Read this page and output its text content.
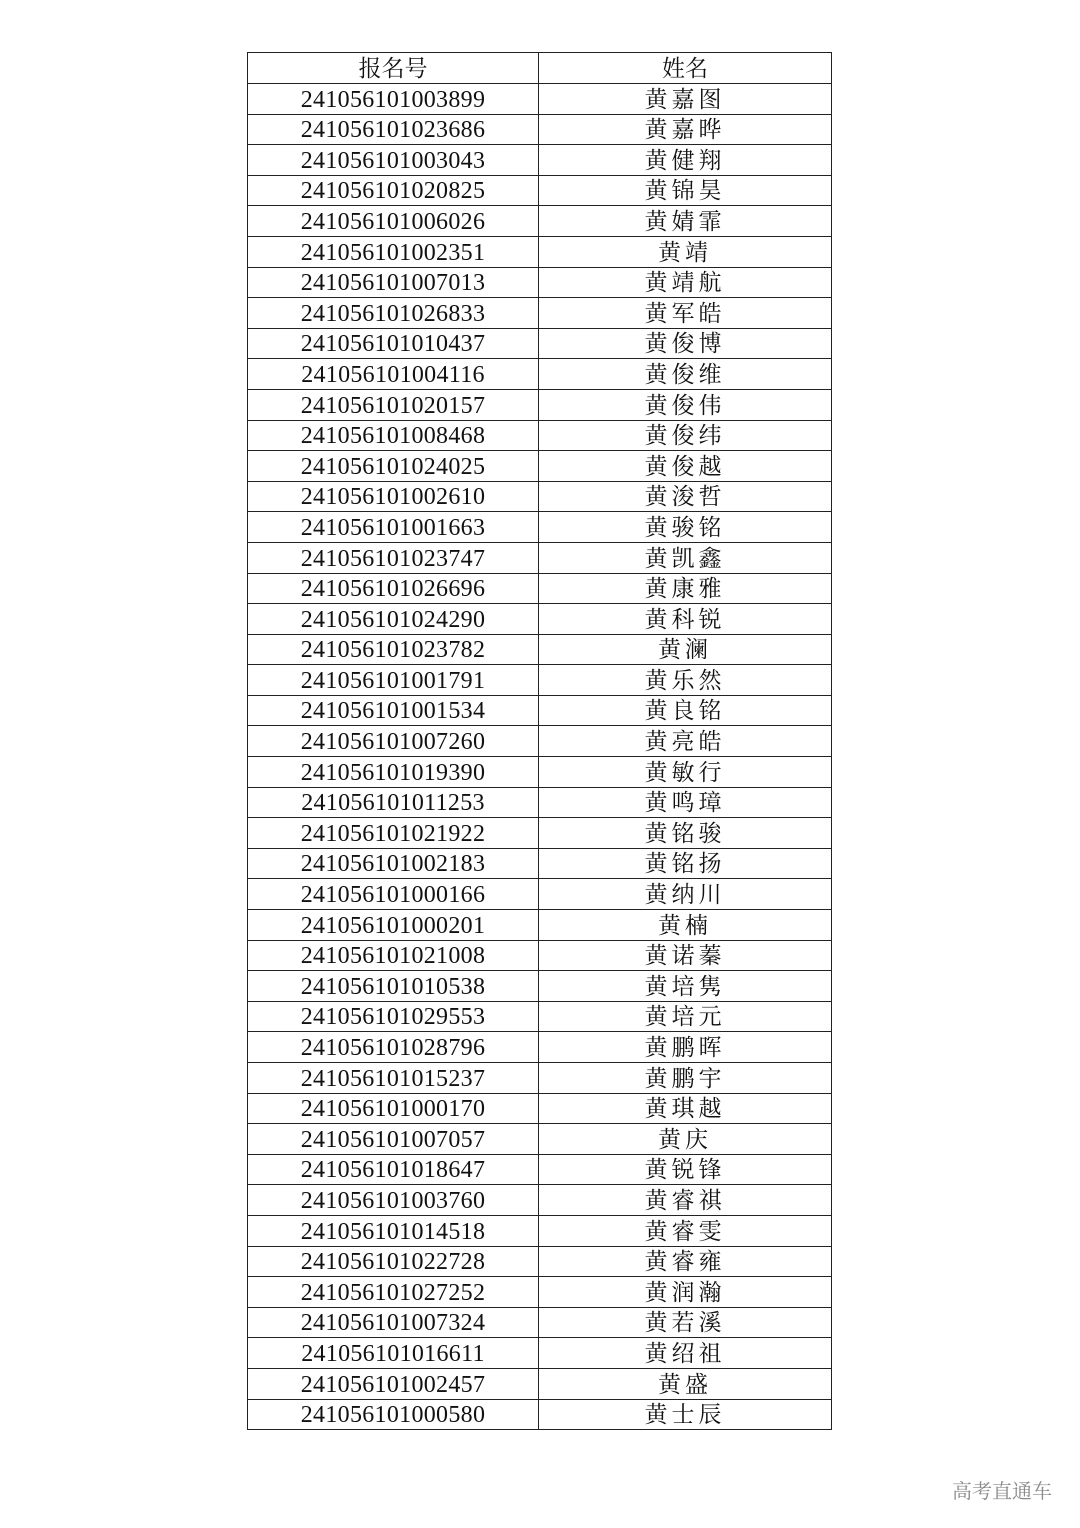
报名号	姓名
241056101003899	黄嘉图
241056101023686	黄嘉晔
241056101003043	黄健翔
241056101020825	黄锦昊
241056101006026	黄婧霏
241056101002351	黄靖
241056101007013	黄靖航
241056101026833	黄军皓
241056101010437	黄俊博
241056101004116	黄俊维
241056101020157	黄俊伟
241056101008468	黄俊纬
241056101024025	黄俊越
241056101002610	黄浚哲
241056101001663	黄骏铭
241056101023747	黄凯鑫
241056101026696	黄康雅
241056101024290	黄科锐
241056101023782	黄澜
241056101001791	黄乐然
241056101001534	黄良铭
241056101007260	黄亮皓
241056101019390	黄敏行
241056101011253	黄鸣璋
241056101021922	黄铭骏
241056101002183	黄铭扬
241056101000166	黄纳川
241056101000201	黄楠
241056101021008	黄诺蓁
241056101010538	黄培隽
241056101029553	黄培元
241056101028796	黄鹏晖
241056101015237	黄鹏宇
241056101000170	黄琪越
241056101007057	黄庆
241056101018647	黄锐锋
241056101003760	黄睿祺
241056101014518	黄睿雯
241056101022728	黄睿雍
241056101027252	黄润瀚
241056101007324	黄若溪
241056101016611	黄绍祖
241056101002457	黄盛
241056101000580	黄士辰
高考直通车
